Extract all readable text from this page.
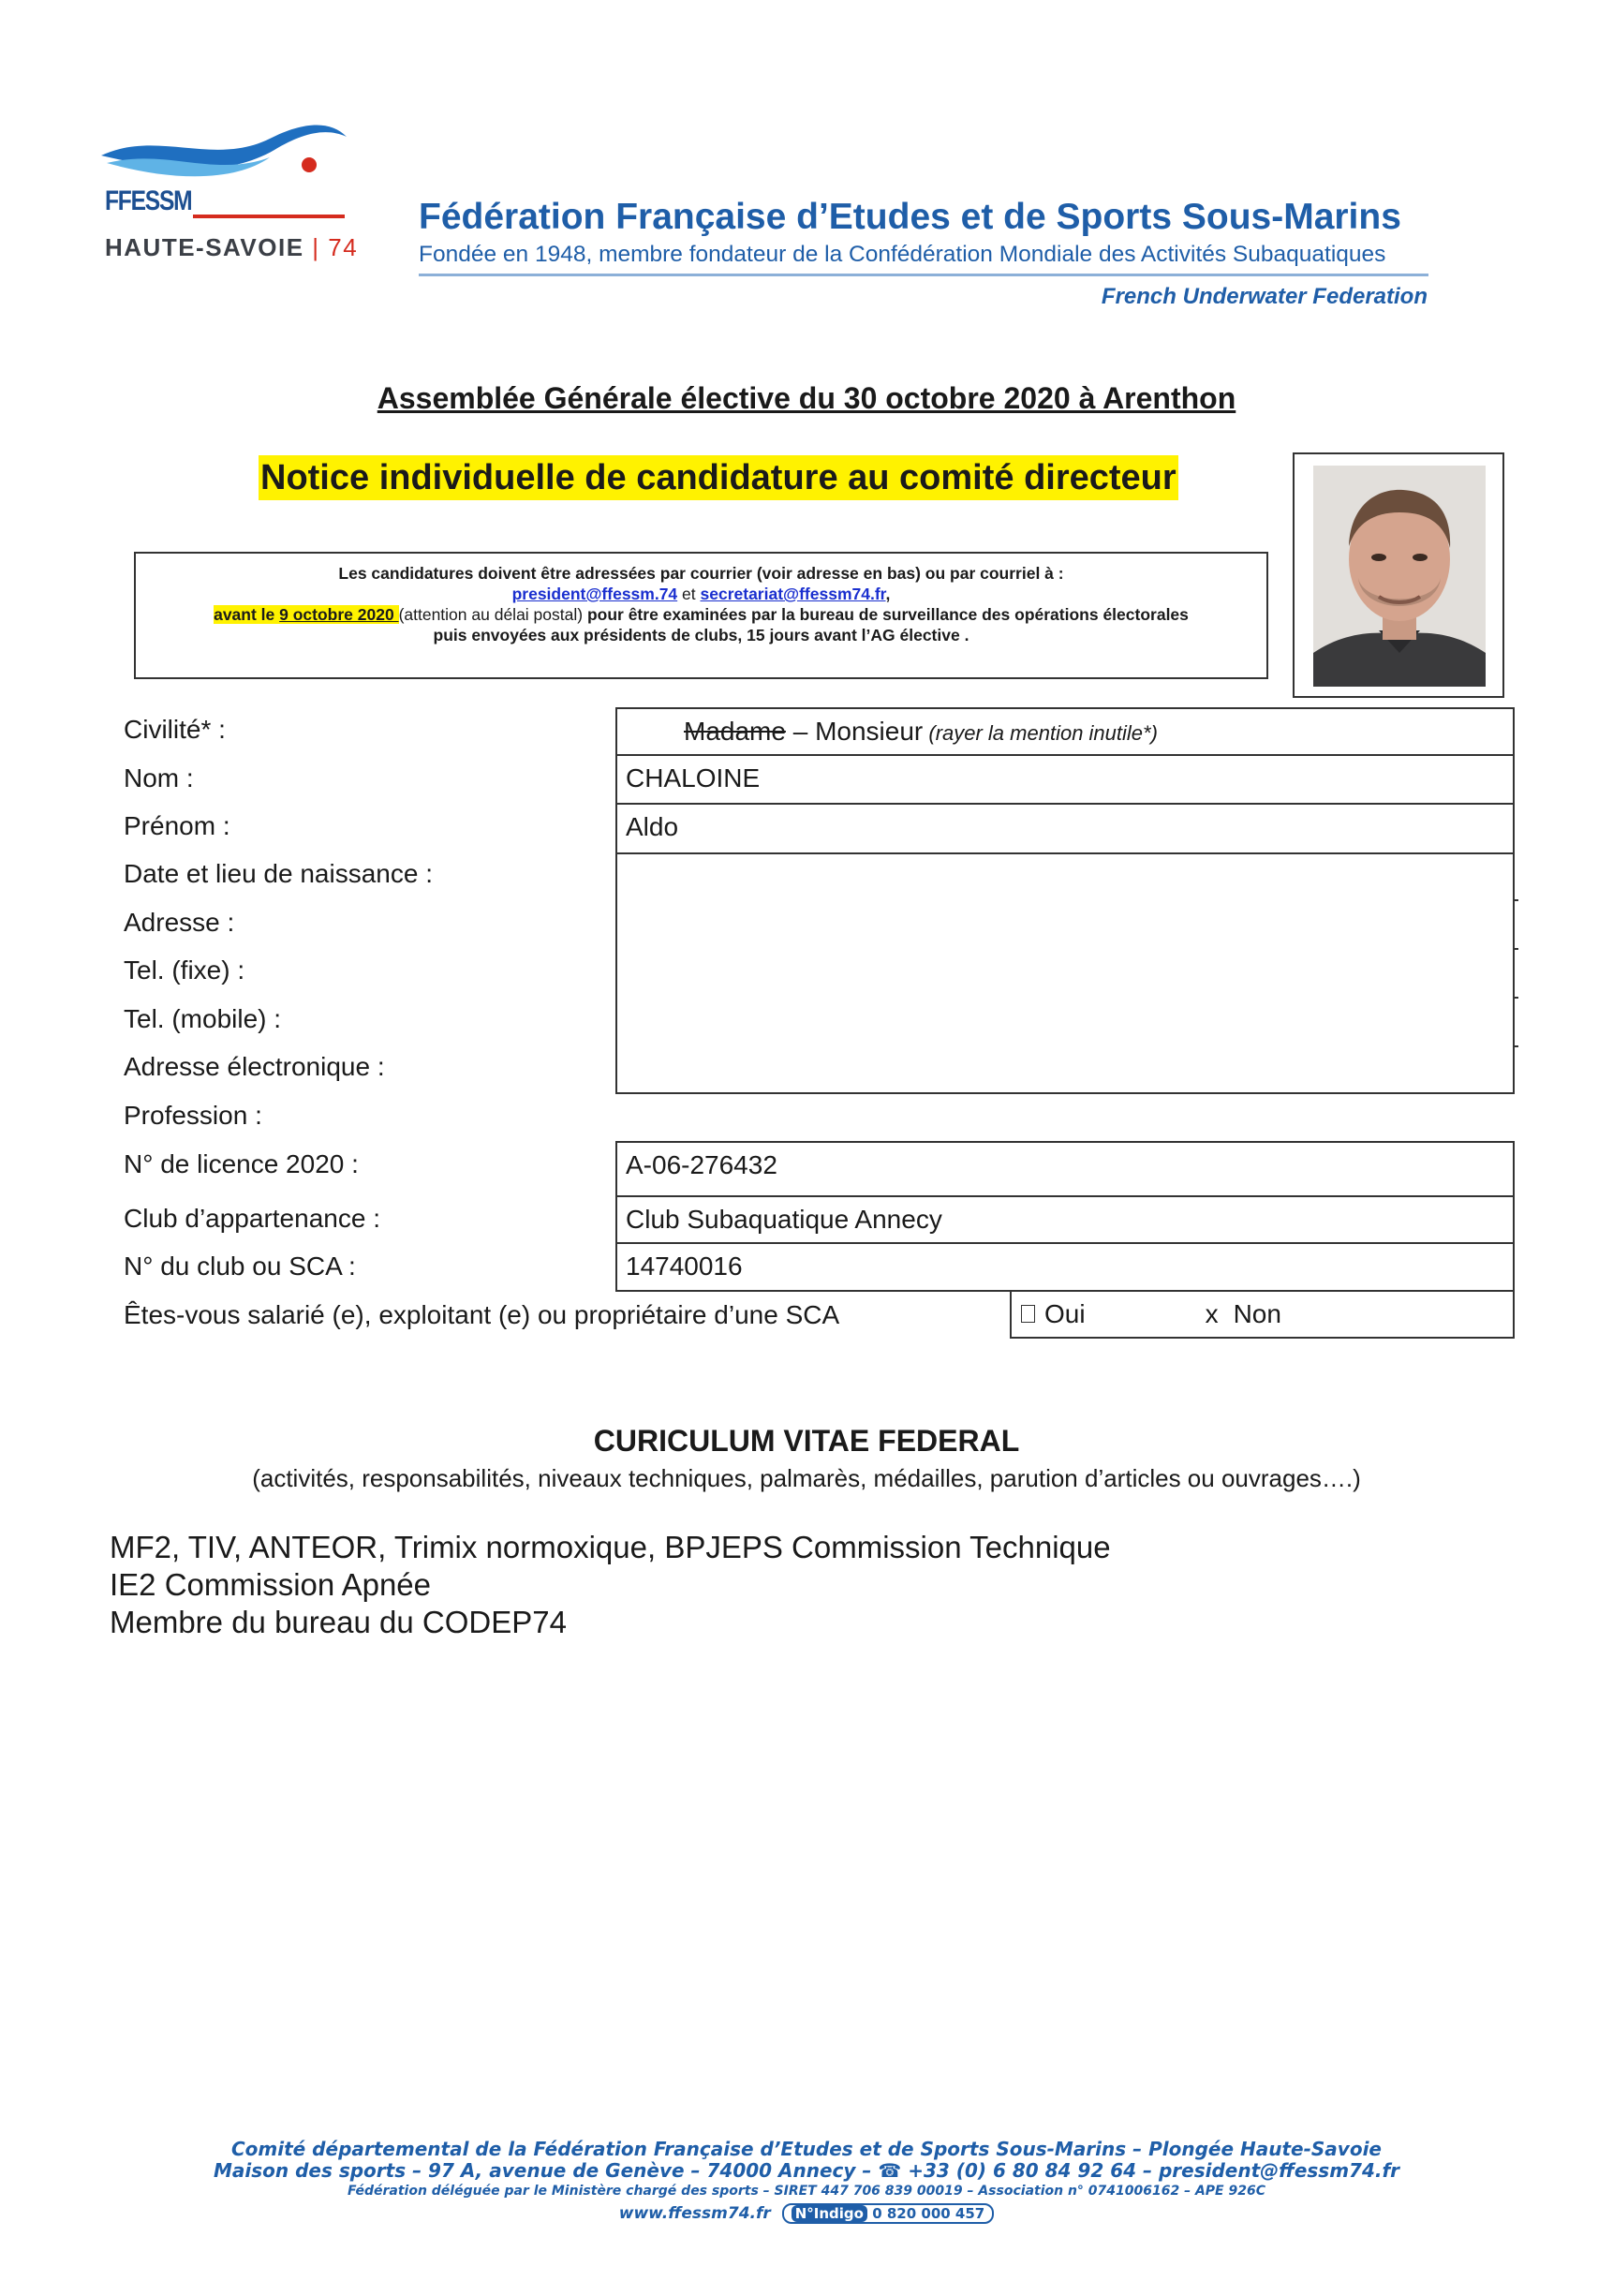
FFESSM
HAUTE-SAVOIE | 74
Fédération Française d’Etudes et de Sports Sous-Marins
Fondée en 1948, membre fondateur de la Confédération Mondiale des Activités Subaquatiques
French Underwater Federation
Assemblée Générale élective du 30 octobre 2020 à Arenthon
Notice individuelle de candidature au comité directeur
Les candidatures doivent être adressées par courrier (voir adresse en bas) ou par courriel à :
president@ffessm.74 et secretariat@ffessm74.fr,
avant le 9 octobre 2020 (attention au délai postal) pour être examinées par la bureau de surveillance des opérations électorales
puis envoyées aux présidents de clubs, 15 jours avant l’AG élective .
Civilité* :	Madame – Monsieur (rayer la mention inutile*)
Nom :	CHALOINE
Prénom :	Aldo
Date et lieu de naissance :
Adresse :
Tel. (fixe) :
Tel. (mobile) :
Adresse électronique :
Profession :
N° de licence 2020 :	A-06-276432
Club d’appartenance :	Club Subaquatique Annecy
N° du club ou SCA :	14740016
Êtes-vous salarié (e), exploitant (e) ou propriétaire d’une SCA	Oui	x Non
CURICULUM VITAE FEDERAL
(activités, responsabilités, niveaux techniques, palmarès, médailles, parution d’articles ou ouvrages….)
MF2, TIV, ANTEOR, Trimix normoxique, BPJEPS Commission Technique
IE2 Commission Apnée
Membre du bureau du CODEP74
Comité départemental de la Fédération Française d’Etudes et de Sports Sous-Marins – Plongée Haute-Savoie
Maison des sports – 97 A, avenue de Genève – 74000 Annecy – ☎ +33 (0) 6 80 84 92 64 – president@ffessm74.fr
Fédération déléguée par le Ministère chargé des sports – SIRET 447 706 839 00019 – Association n° 0741006162 – APE 926C
www.ffessm74.fr N°Indigo 0 820 000 457
